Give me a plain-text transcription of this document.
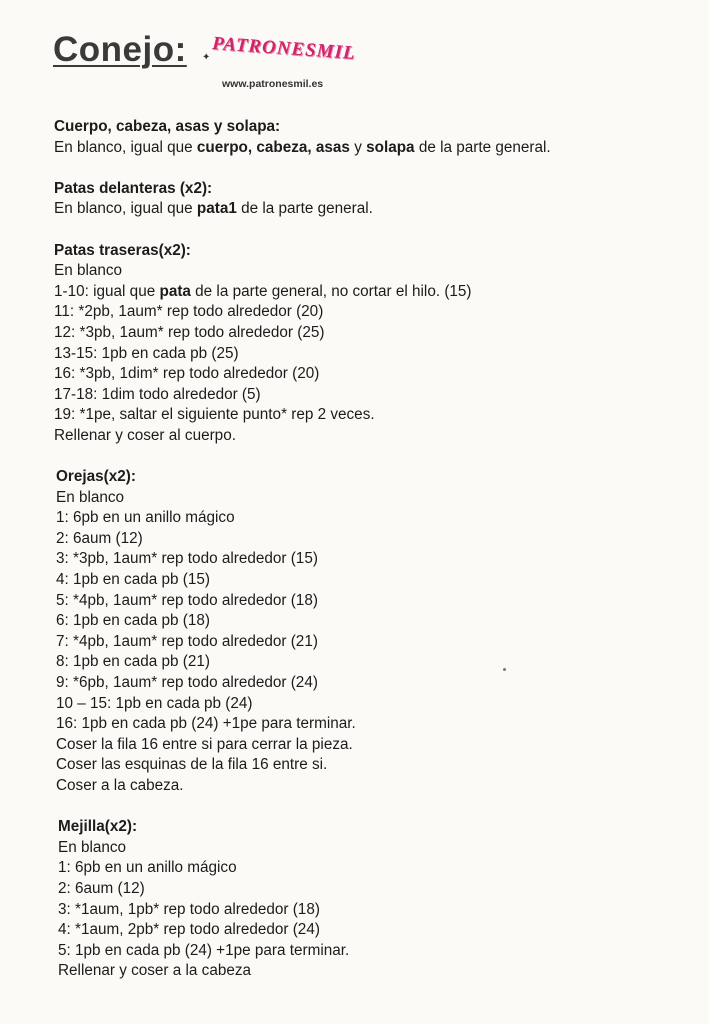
Conejo: ✦ PATRONESMIL
www.patronesmil.es
Cuerpo, cabeza, asas y solapa:

En blanco, igual que cuerpo, cabeza, asas y solapa de la parte general.

Patas delanteras (x2):

En blanco, igual que pata1 de la parte general.

Patas traseras(x2):
En blanco
1-10: igual que pata de la parte general, no cortar el hilo. (15)
11: *2pb, 1aum* rep todo alrededor (20)
12: *3pb, 1aum* rep todo alrededor (25)
13-15: 1pb en cada pb (25)
16: *3pb, 1dim* rep todo alrededor (20)
17-18: 1dim todo alrededor (5)
19: *1pe, saltar el siguiente punto* rep 2 veces.
Rellenar y coser al cuerpo.
Orejas(x2):
En blanco
1: 6pb en un anillo mágico
2: 6aum (12)
3: *3pb, 1aum* rep todo alrededor (15)
4: 1pb en cada pb (15)
5: *4pb, 1aum* rep todo alrededor (18)
6: 1pb en cada pb (18)
7: *4pb, 1aum* rep todo alrededor (21)
8: 1pb en cada pb (21)
9: *6pb, 1aum* rep todo alrededor (24)
10 – 15: 1pb en cada pb (24)
16: 1pb en cada pb (24) +1pe para terminar.
Coser la fila 16 entre si para cerrar la pieza.
Coser las esquinas de la fila 16 entre si.
Coser a la cabeza.
Mejilla(x2):
En blanco
1: 6pb en un anillo mágico
2: 6aum (12)
3: *1aum, 1pb* rep todo alrededor (18)
4: *1aum, 2pb* rep todo alrededor (24)
5: 1pb en cada pb (24) +1pe para terminar.
Rellenar y coser a la cabeza
